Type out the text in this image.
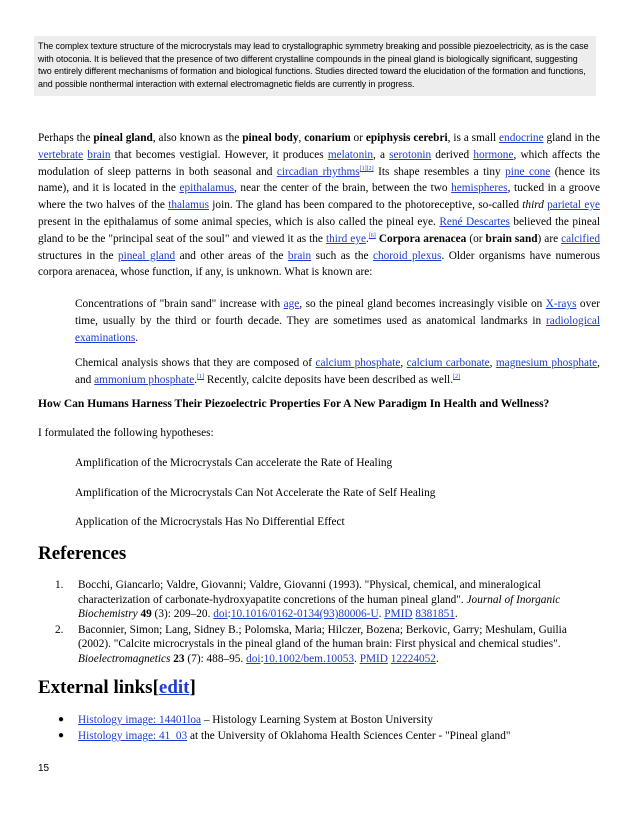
The complex texture structure of the microcrystals may lead to crystallographic symmetry breaking and possible piezoelectricity, as is the case with otoconia. It is believed that the presence of two different crystalline compounds in the pineal gland is biologically significant, suggesting two entirely different mechanisms of formation and biological functions. Studies directed toward the elucidation of the formation and functions, and possible nonthermal interaction with external electromagnetic fields are currently in progress.
Perhaps the pineal gland, also known as the pineal body, conarium or epiphysis cerebri, is a small endocrine gland in the vertebrate brain that becomes vestigial. However, it produces melatonin, a serotonin derived hormone, which affects the modulation of sleep patterns in both seasonal and circadian rhythms[1][2] Its shape resembles a tiny pine cone (hence its name), and it is located in the epithalamus, near the center of the brain, between the two hemispheres, tucked in a groove where the two halves of the thalamus join. The gland has been compared to the photoreceptive, so-called third parietal eye present in the epithalamus of some animal species, which is also called the pineal eye. René Descartes believed the pineal gland to be the "principal seat of the soul" and viewed it as the third eye.[6] Corpora arenacea (or brain sand) are calcified structures in the pineal gland and other areas of the brain such as the choroid plexus. Older organisms have numerous corpora arenacea, whose function, if any, is unknown. What is known are:
Concentrations of "brain sand" increase with age, so the pineal gland becomes increasingly visible on X-rays over time, usually by the third or fourth decade. They are sometimes used as anatomical landmarks in radiological examinations.
Chemical analysis shows that they are composed of calcium phosphate, calcium carbonate, magnesium phosphate, and ammonium phosphate.[1] Recently, calcite deposits have been described as well.[2]
How Can Humans Harness Their Piezoelectric Properties For A New Paradigm In Health and Wellness?
I formulated the following hypotheses:
Amplification of the Microcrystals Can accelerate the Rate of Healing
Amplification of the Microcrystals Can Not Accelerate the Rate of Self Healing
Application of the Microcrystals Has No Differential Effect
References
1. Bocchi, Giancarlo; Valdre, Giovanni; Valdre, Giovanni (1993). "Physical, chemical, and mineralogical characterization of carbonate-hydroxyapatite concretions of the human pineal gland". Journal of Inorganic Biochemistry 49 (3): 209–20. doi:10.1016/0162-0134(93)80006-U. PMID 8381851.
2. Baconnier, Simon; Lang, Sidney B.; Polomska, Maria; Hilczer, Bozena; Berkovic, Garry; Meshulam, Guilia (2002). "Calcite microcrystals in the pineal gland of the human brain: First physical and chemical studies". Bioelectromagnetics 23 (7): 488–95. doi:10.1002/bem.10053. PMID 12224052.
External links[edit]
● Histology image: 14401loa – Histology Learning System at Boston University
● Histology image: 41_03 at the University of Oklahoma Health Sciences Center - "Pineal gland"
15
